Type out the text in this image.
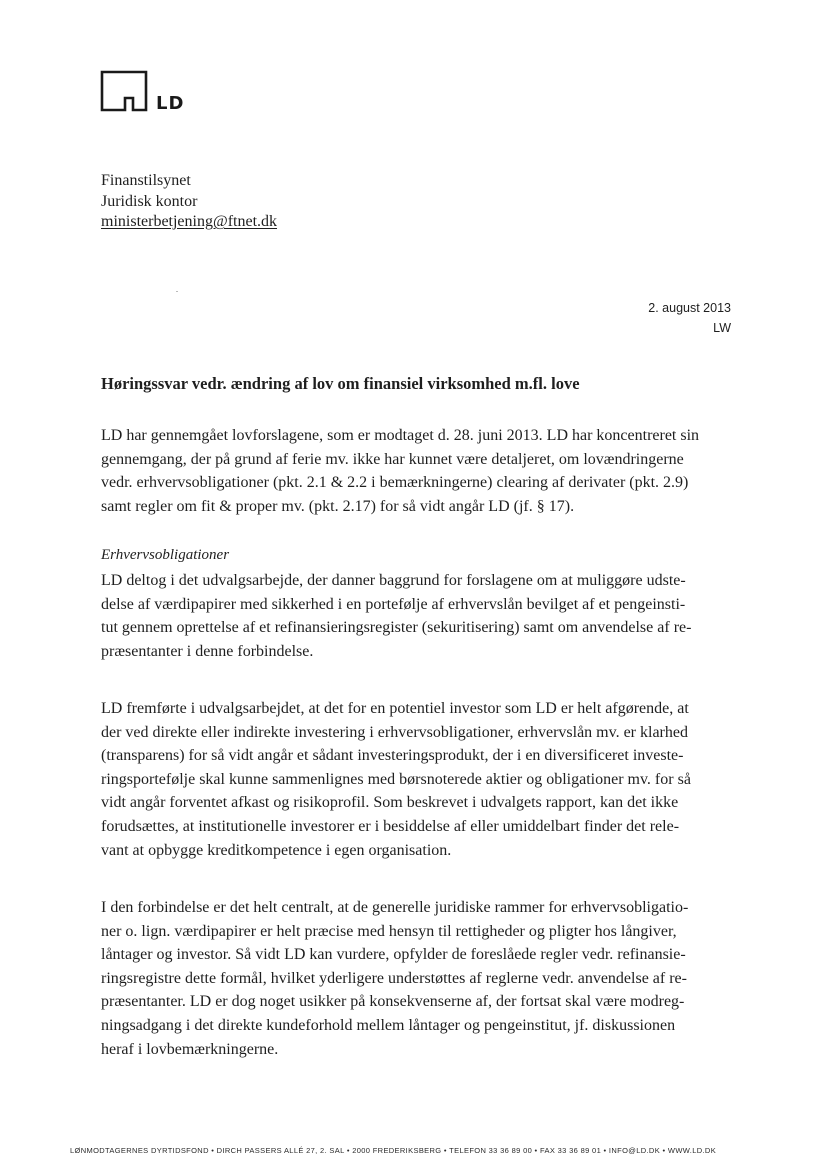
LD
Finanstilsynet
Juridisk kontor
ministerbetjening@ftnet.dk
2. august 2013
LW
Høringssvar vedr. ændring af lov om finansiel virksomhed m.fl. love
LD har gennemgået lovforslagene, som er modtaget d. 28. juni 2013. LD har koncentreret sin
gennemgang, der på grund af ferie mv. ikke har kunnet være detaljeret, om lovændringerne
vedr. erhvervsobligationer (pkt. 2.1 & 2.2 i bemærkningerne) clearing af derivater (pkt. 2.9)
samt regler om fit & proper mv. (pkt. 2.17) for så vidt angår LD (jf. § 17).
Erhvervsobligationer
LD deltog i det udvalgsarbejde, der danner baggrund for forslagene om at muliggøre udste-
delse af værdipapirer med sikkerhed i en portefølje af erhvervslån bevilget af et pengeinsti-
tut gennem oprettelse af et refinansieringsregister (sekuritisering) samt om anvendelse af re-
præsentanter i denne forbindelse.
LD fremførte i udvalgsarbejdet, at det for en potentiel investor som LD er helt afgørende, at
der ved direkte eller indirekte investering i erhvervsobligationer, erhvervslån mv. er klarhed
(transparens) for så vidt angår et sådant investeringsprodukt, der i en diversificeret investe-
ringsportefølje skal kunne sammenlignes med børsnoterede aktier og obligationer mv. for så
vidt angår forventet afkast og risikoprofil. Som beskrevet i udvalgets rapport, kan det ikke
forudsættes, at institutionelle investorer er i besiddelse af eller umiddelbart finder det rele-
vant at opbygge kreditkompetence i egen organisation.
I den forbindelse er det helt centralt, at de generelle juridiske rammer for erhvervsobligatio-
ner o. lign. værdipapirer er helt præcise med hensyn til rettigheder og pligter hos långiver,
låntager og investor. Så vidt LD kan vurdere, opfylder de foreslåede regler vedr. refinansie-
ringsregistre dette formål, hvilket yderligere understøttes af reglerne vedr. anvendelse af re-
præsentanter. LD er dog noget usikker på konsekvenserne af, der fortsat skal være modreg-
ningsadgang i det direkte kundeforhold mellem låntager og pengeinstitut, jf. diskussionen
heraf i lovbemærkningerne.
LØNMODTAGERNES DYRTIDSFOND • DIRCH PASSERS ALLÉ 27, 2. SAL • 2000 FREDERIKSBERG • TELEFON 33 36 89 00 • FAX 33 36 89 01 • INFO@LD.DK • WWW.LD.DK
